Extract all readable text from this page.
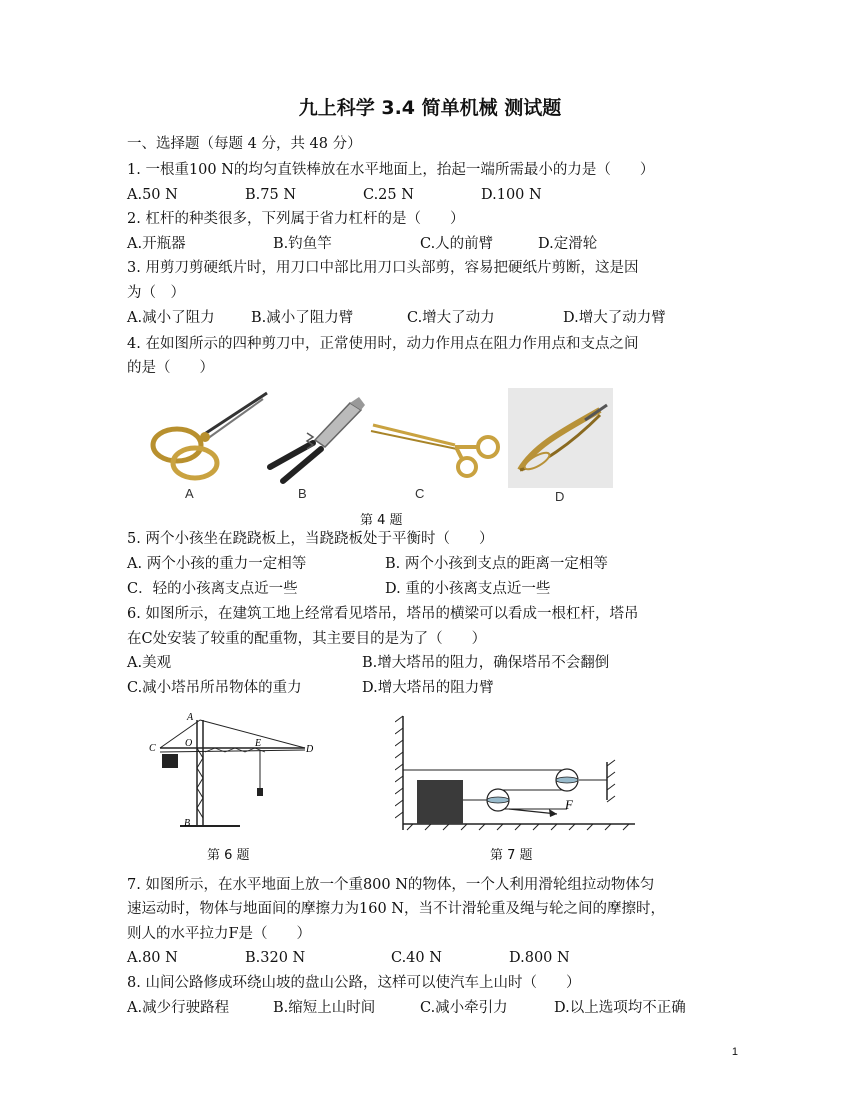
九上科学 3.4 简单机械 测试题
一、选择题（每题 4 分，共 48 分）
1. 一根重100 N的均匀直铁棒放在水平地面上，抬起一端所需最小的力是（　　）
A.50 N	B.75 N	C.25 N	D.100 N
2. 杠杆的种类很多，下列属于省力杠杆的是（　　）
A.开瓶器	B.钓鱼竿	C.人的前臂	D.定滑轮
3. 用剪刀剪硬纸片时，用刀口中部比用刀口头部剪，容易把硬纸片剪断，这是因
为（　）
A.减小了阻力	B.减小了阻力臂	C.增大了动力	D.增大了动力臂
4. 在如图所示的四种剪刀中，正常使用时，动力作用点在阻力作用点和支点之间
的是（　　）
A	B	C	D
第 4 题
5. 两个小孩坐在跷跷板上，当跷跷板处于平衡时（　　）
A. 两个小孩的重力一定相等	B. 两个小孩到支点的距离一定相等
C．轻的小孩离支点近一些	D. 重的小孩离支点近一些
6. 如图所示，在建筑工地上经常看见塔吊，塔吊的横梁可以看成一根杠杆，塔吊
在C处安装了较重的配重物，其主要目的是为了（　　）
A.美观	B.增大塔吊的阻力，确保塔吊不会翻倒
C.减小塔吊所吊物体的重力	D.增大塔吊的阻力臂
A
C	O	E
D
B
第 6 题
F
第 7 题
7. 如图所示，在水平地面上放一个重800 N的物体，一个人利用滑轮组拉动物体匀
速运动时，物体与地面间的摩擦力为160 N，当不计滑轮重及绳与轮之间的摩擦时，
则人的水平拉力F是（　　）
A.80 N	B.320 N	C.40 N	D.800 N
8. 山间公路修成环绕山坡的盘山公路，这样可以使汽车上山时（　　）
A.减少行驶路程	B.缩短上山时间	C.减小牵引力	D.以上选项均不正确
1
